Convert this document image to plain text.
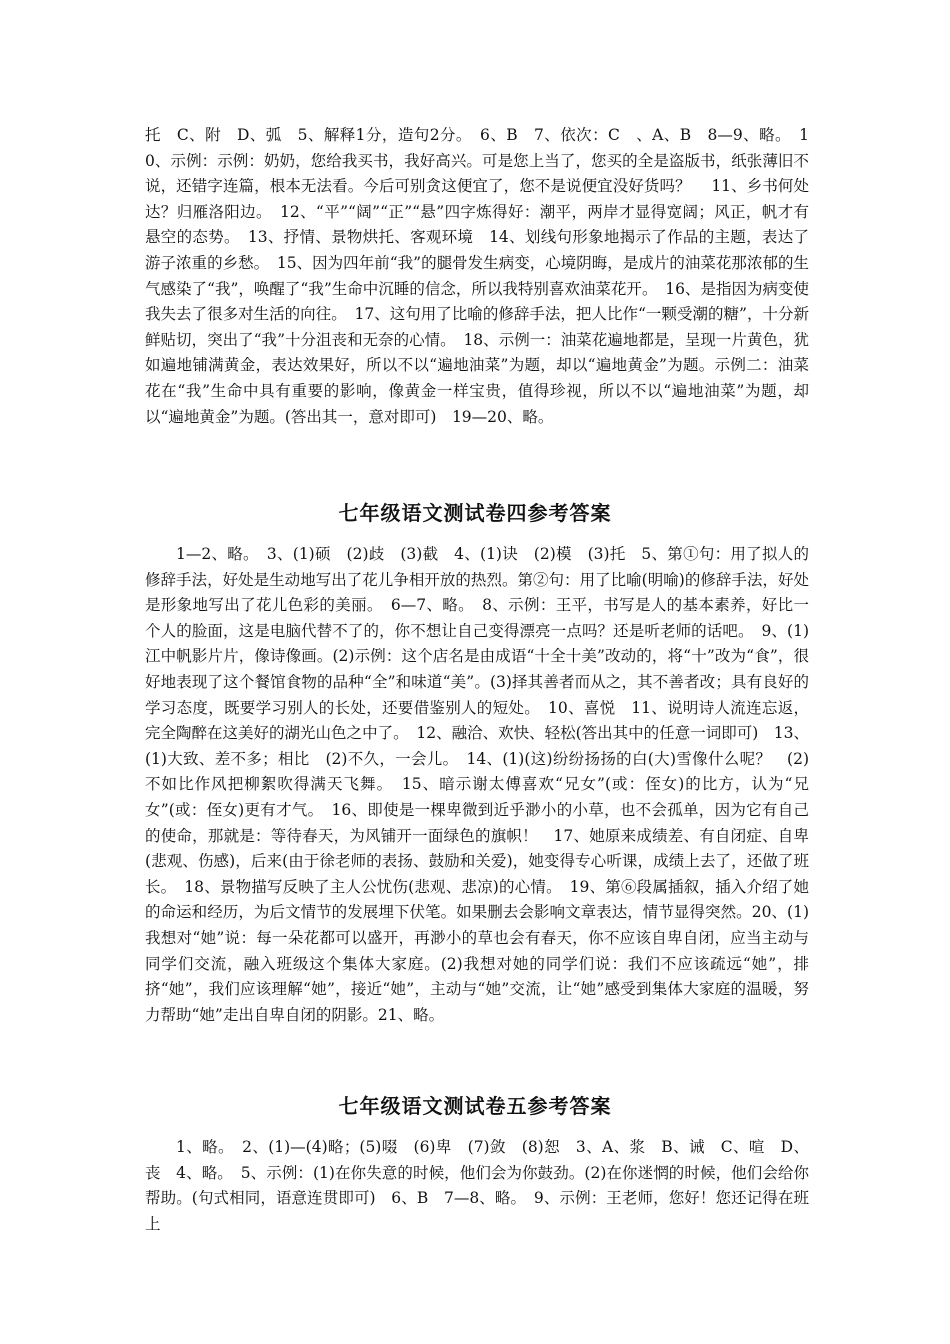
托　C、附　D、弧　5、解释1分，造句2分。　6、B　7、依次：C　、A、B　8—9、略。　10、示例：示例：奶奶，您给我买书，我好高兴。可是您上当了，您买的全是盗版书，纸张薄旧不说，还错字连篇，根本无法看。今后可别贪这便宜了，您不是说便宜没好货吗？　 11、乡书何处达？归雁洛阳边。　12、“平”“阔”“正”“悬”四字炼得好：潮平，两岸才显得宽阔；风正，帆才有悬空的态势。　13、抒情、景物烘托、客观环境　14、划线句形象地揭示了作品的主题，表达了游子浓重的乡愁。　15、因为四年前“我”的腿骨发生病变，心境阴晦，是成片的油菜花那浓郁的生气感染了“我”，唤醒了“我”生命中沉睡的信念，所以我特别喜欢油菜花开。　16、是指因为病变使我失去了很多对生活的向往。　17、这句用了比喻的修辞手法，把人比作“一颗受潮的糖”，十分新鲜贴切，突出了“我”十分沮丧和无奈的心情。　18、示例一：油菜花遍地都是，呈现一片黄色，犹如遍地铺满黄金，表达效果好，所以不以“遍地油菜”为题，却以“遍地黄金”为题。示例二：油菜花在“我”生命中具有重要的影响，像黄金一样宝贵，值得珍视，所以不以“遍地油菜”为题，却以“遍地黄金”为题。(答出其一，意对即可)　19—20、略。
七年级语文测试卷四参考答案
1—2、略。　3、(1)硕　(2)歧　(3)截　4、(1)诀　(2)模　(3)托　5、第①句：用了拟人的修辞手法，好处是生动地写出了花儿争相开放的热烈。第②句：用了比喻(明喻)的修辞手法，好处是形象地写出了花儿色彩的美丽。　6—7、略。　8、示例：王平，书写是人的基本素养，好比一个人的脸面，这是电脑代替不了的，你不想让自己变得漂亮一点吗？还是听老师的话吧。　9、(1)江中帆影片片，像诗像画。(2)示例：这个店名是由成语“十全十美”改动的，将“十”改为“食”，很好地表现了这个餐馆食物的品种“全”和味道“美”。(3)择其善者而从之，其不善者改；具有良好的学习态度，既要学习别人的长处，还要借鉴别人的短处。　10、喜悦　11、说明诗人流连忘返，完全陶醉在这美好的湖光山色之中了。　12、融洽、欢快、轻松(答出其中的任意一词即可)　13、(1)大致、差不多；相比　(2)不久，一会儿。　14、(1)(这)纷纷扬扬的白(大)雪像什么呢？　(2)不如比作风把柳絮吹得满天飞舞。　15、暗示谢太傅喜欢“兄女”(或：侄女)的比方，认为“兄女”(或：侄女)更有才气。　16、即使是一棵卑微到近乎渺小的小草，也不会孤单，因为它有自己的使命，那就是：等待春天，为风铺开一面绿色的旗帜！　17、她原来成绩差、有自闭症、自卑(悲观、伤感)，后来(由于徐老师的表扬、鼓励和关爱)，她变得专心听课，成绩上去了，还做了班长。　18、景物描写反映了主人公忧伤(悲观、悲凉)的心情。　19、第⑥段属插叙，插入介绍了她的命运和经历，为后文情节的发展埋下伏笔。如果删去会影响文章表达，情节显得突然。20、(1)我想对“她”说：每一朵花都可以盛开，再渺小的草也会有春天，你不应该自卑自闭，应当主动与同学们交流，融入班级这个集体大家庭。(2)我想对她的同学们说：我们不应该疏远“她”，排挤“她”，我们应该理解“她”，接近“她”，主动与“她”交流，让“她”感受到集体大家庭的温暖，努力帮助“她”走出自卑自闭的阴影。21、略。
七年级语文测试卷五参考答案
1、略。　2、(1)—(4)略；(5)啜　(6)卑　(7)敛　(8)恕　3、A、浆　B、诫　C、喧　D、丧　4、略。　5、示例：(1)在你失意的时候，他们会为你鼓劲。(2)在你迷惘的时候，他们会给你帮助。(句式相同，语意连贯即可)　6、B　7—8、略。　9、示例：王老师，您好！您还记得在班上
